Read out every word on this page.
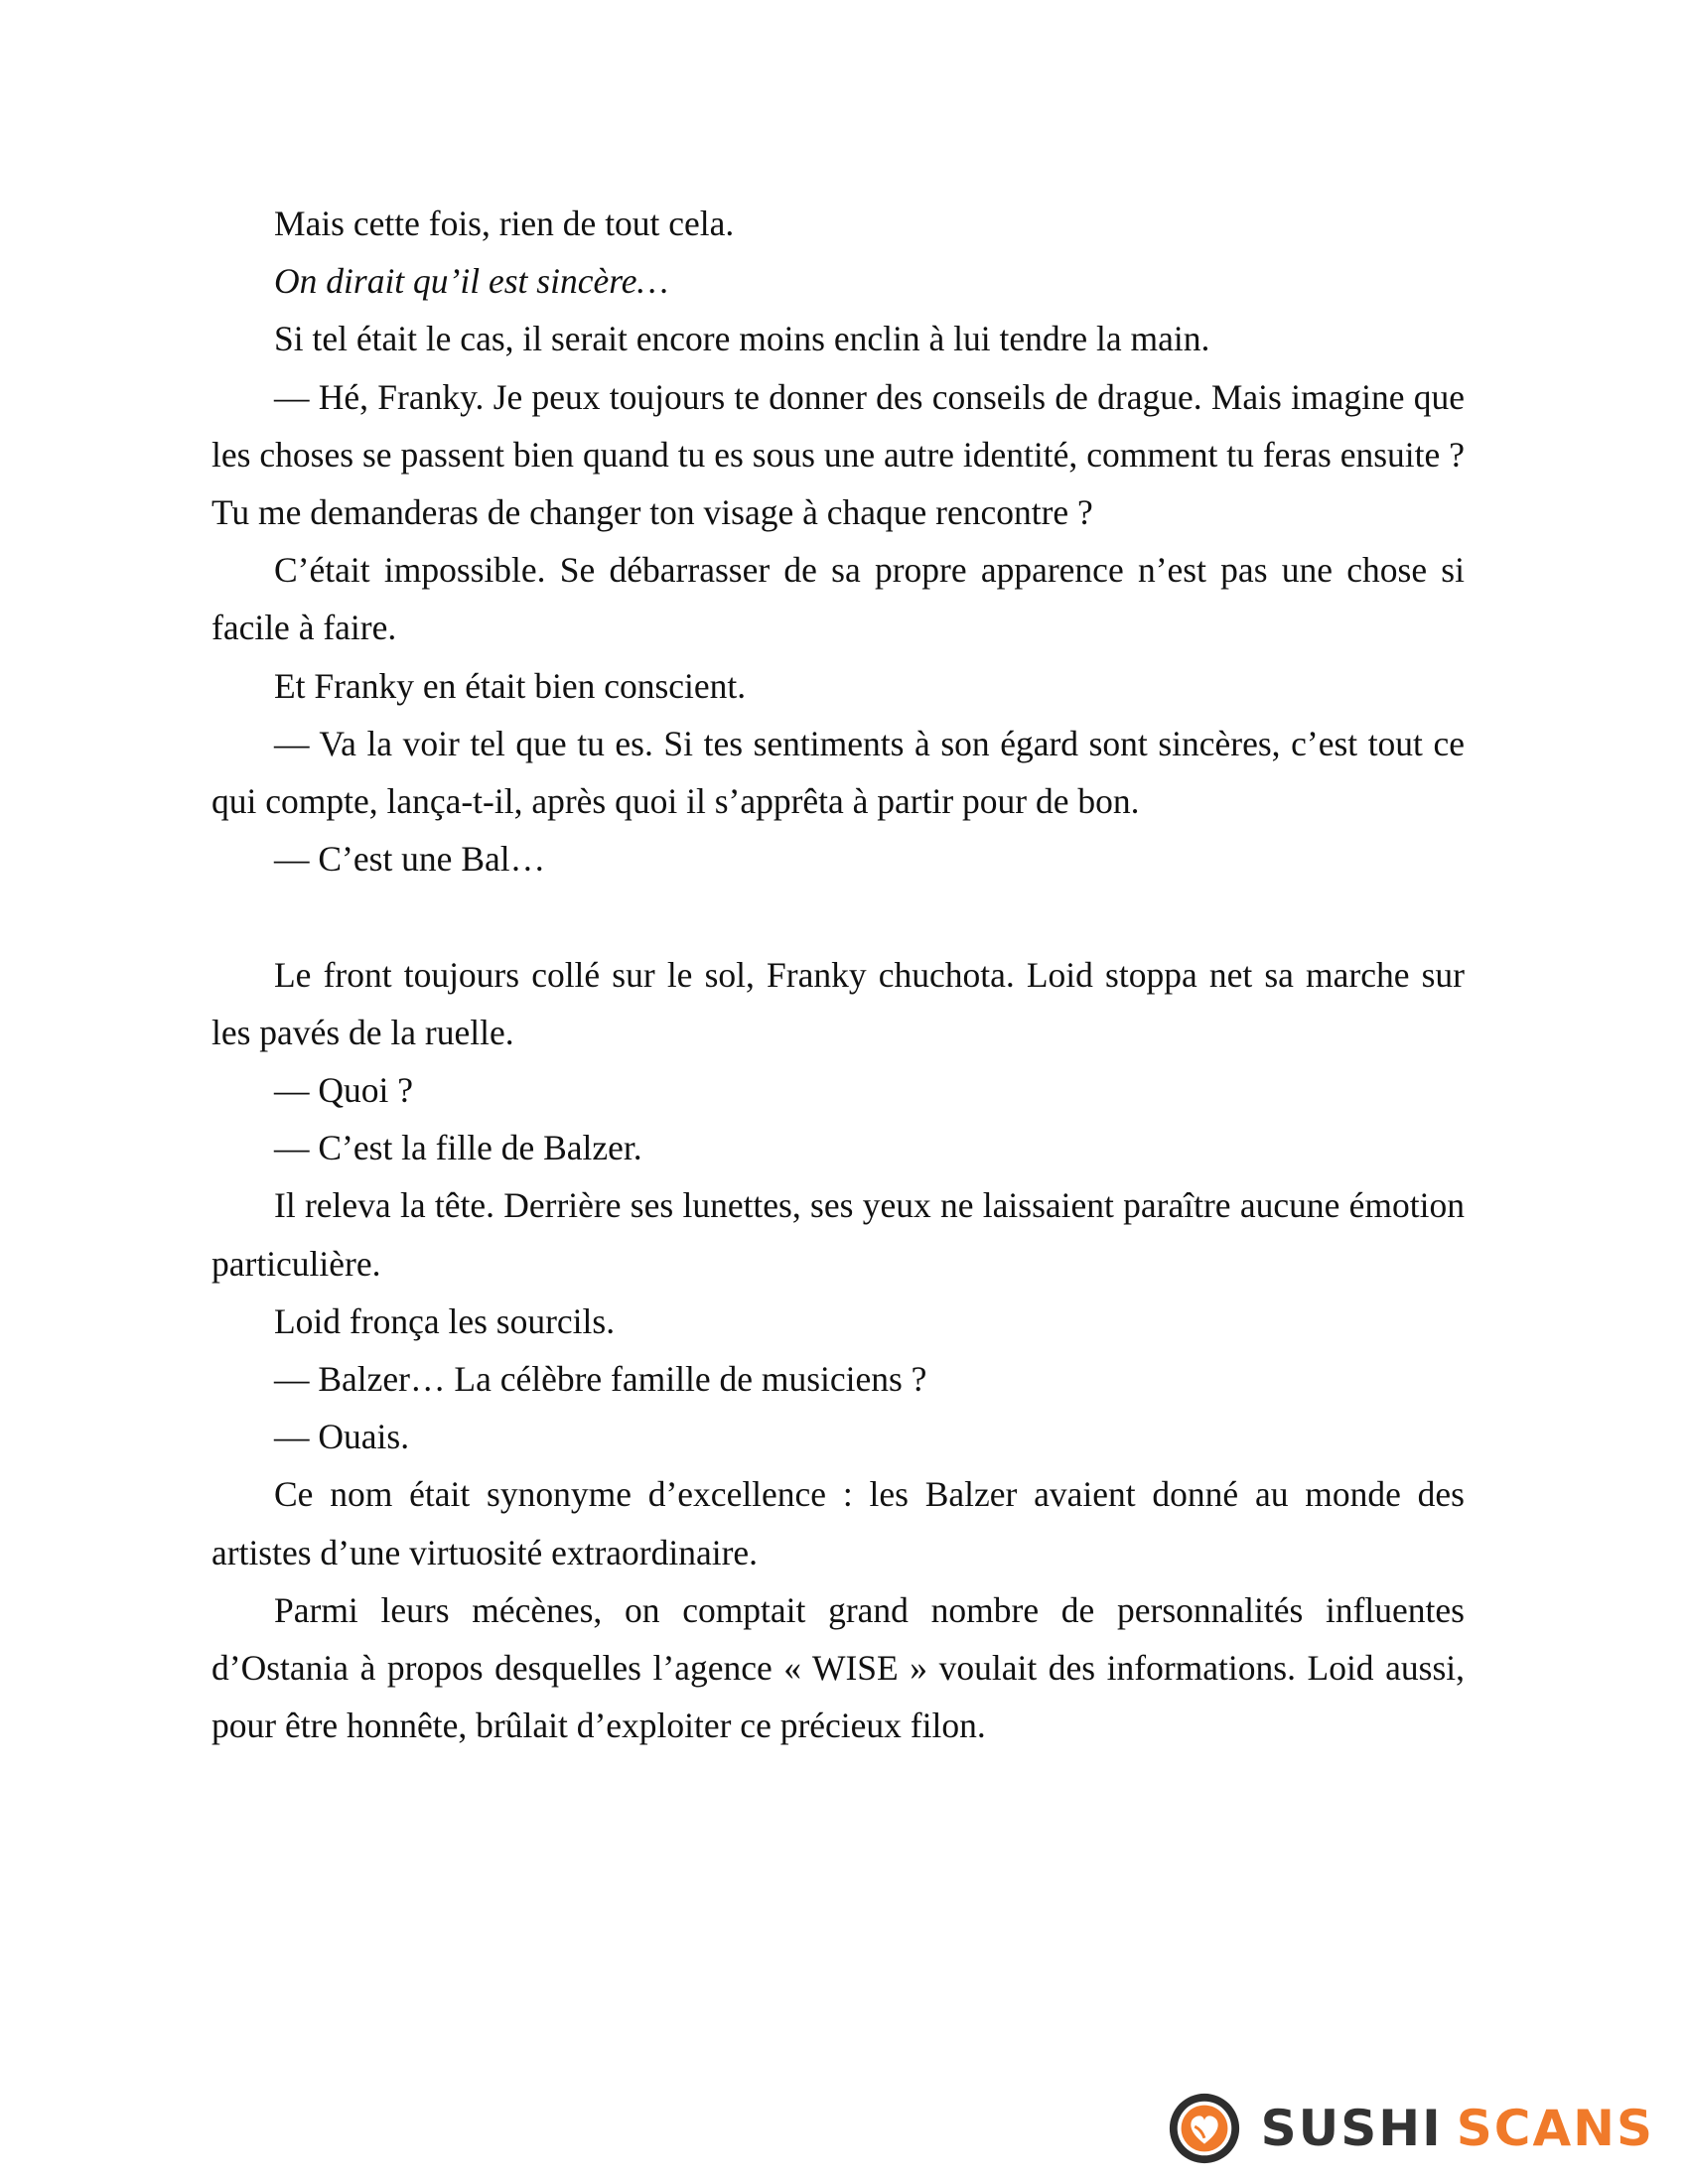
Mais cette fois, rien de tout cela.

On dirait qu’il est sincère…

Si tel était le cas, il serait encore moins enclin à lui tendre la main.

— Hé, Franky. Je peux toujours te donner des conseils de drague. Mais imagine que les choses se passent bien quand tu es sous une autre identité, comment tu feras ensuite ? Tu me demanderas de changer ton visage à chaque rencontre ?

C’était impossible. Se débarrasser de sa propre apparence n’est pas une chose si facile à faire.

Et Franky en était bien conscient.

— Va la voir tel que tu es. Si tes sentiments à son égard sont sincères, c’est tout ce qui compte, lança-t-il, après quoi il s’apprêta à partir pour de bon.

— C’est une Bal…

Le front toujours collé sur le sol, Franky chuchota. Loid stoppa net sa marche sur les pavés de la ruelle.

— Quoi ?

— C’est la fille de Balzer.

Il releva la tête. Derrière ses lunettes, ses yeux ne laissaient paraître aucune émotion particulière.

Loid fronça les sourcils.

— Balzer… La célèbre famille de musiciens ?

— Ouais.

Ce nom était synonyme d’excellence : les Balzer avaient donné au monde des artistes d’une virtuosité extraordinaire.

Parmi leurs mécènes, on comptait grand nombre de personnalités influentes d’Ostania à propos desquelles l’agence « WISE » voulait des informations. Loid aussi, pour être honnête, brûlait d’exploiter ce précieux filon.

SUSHI SCANS
